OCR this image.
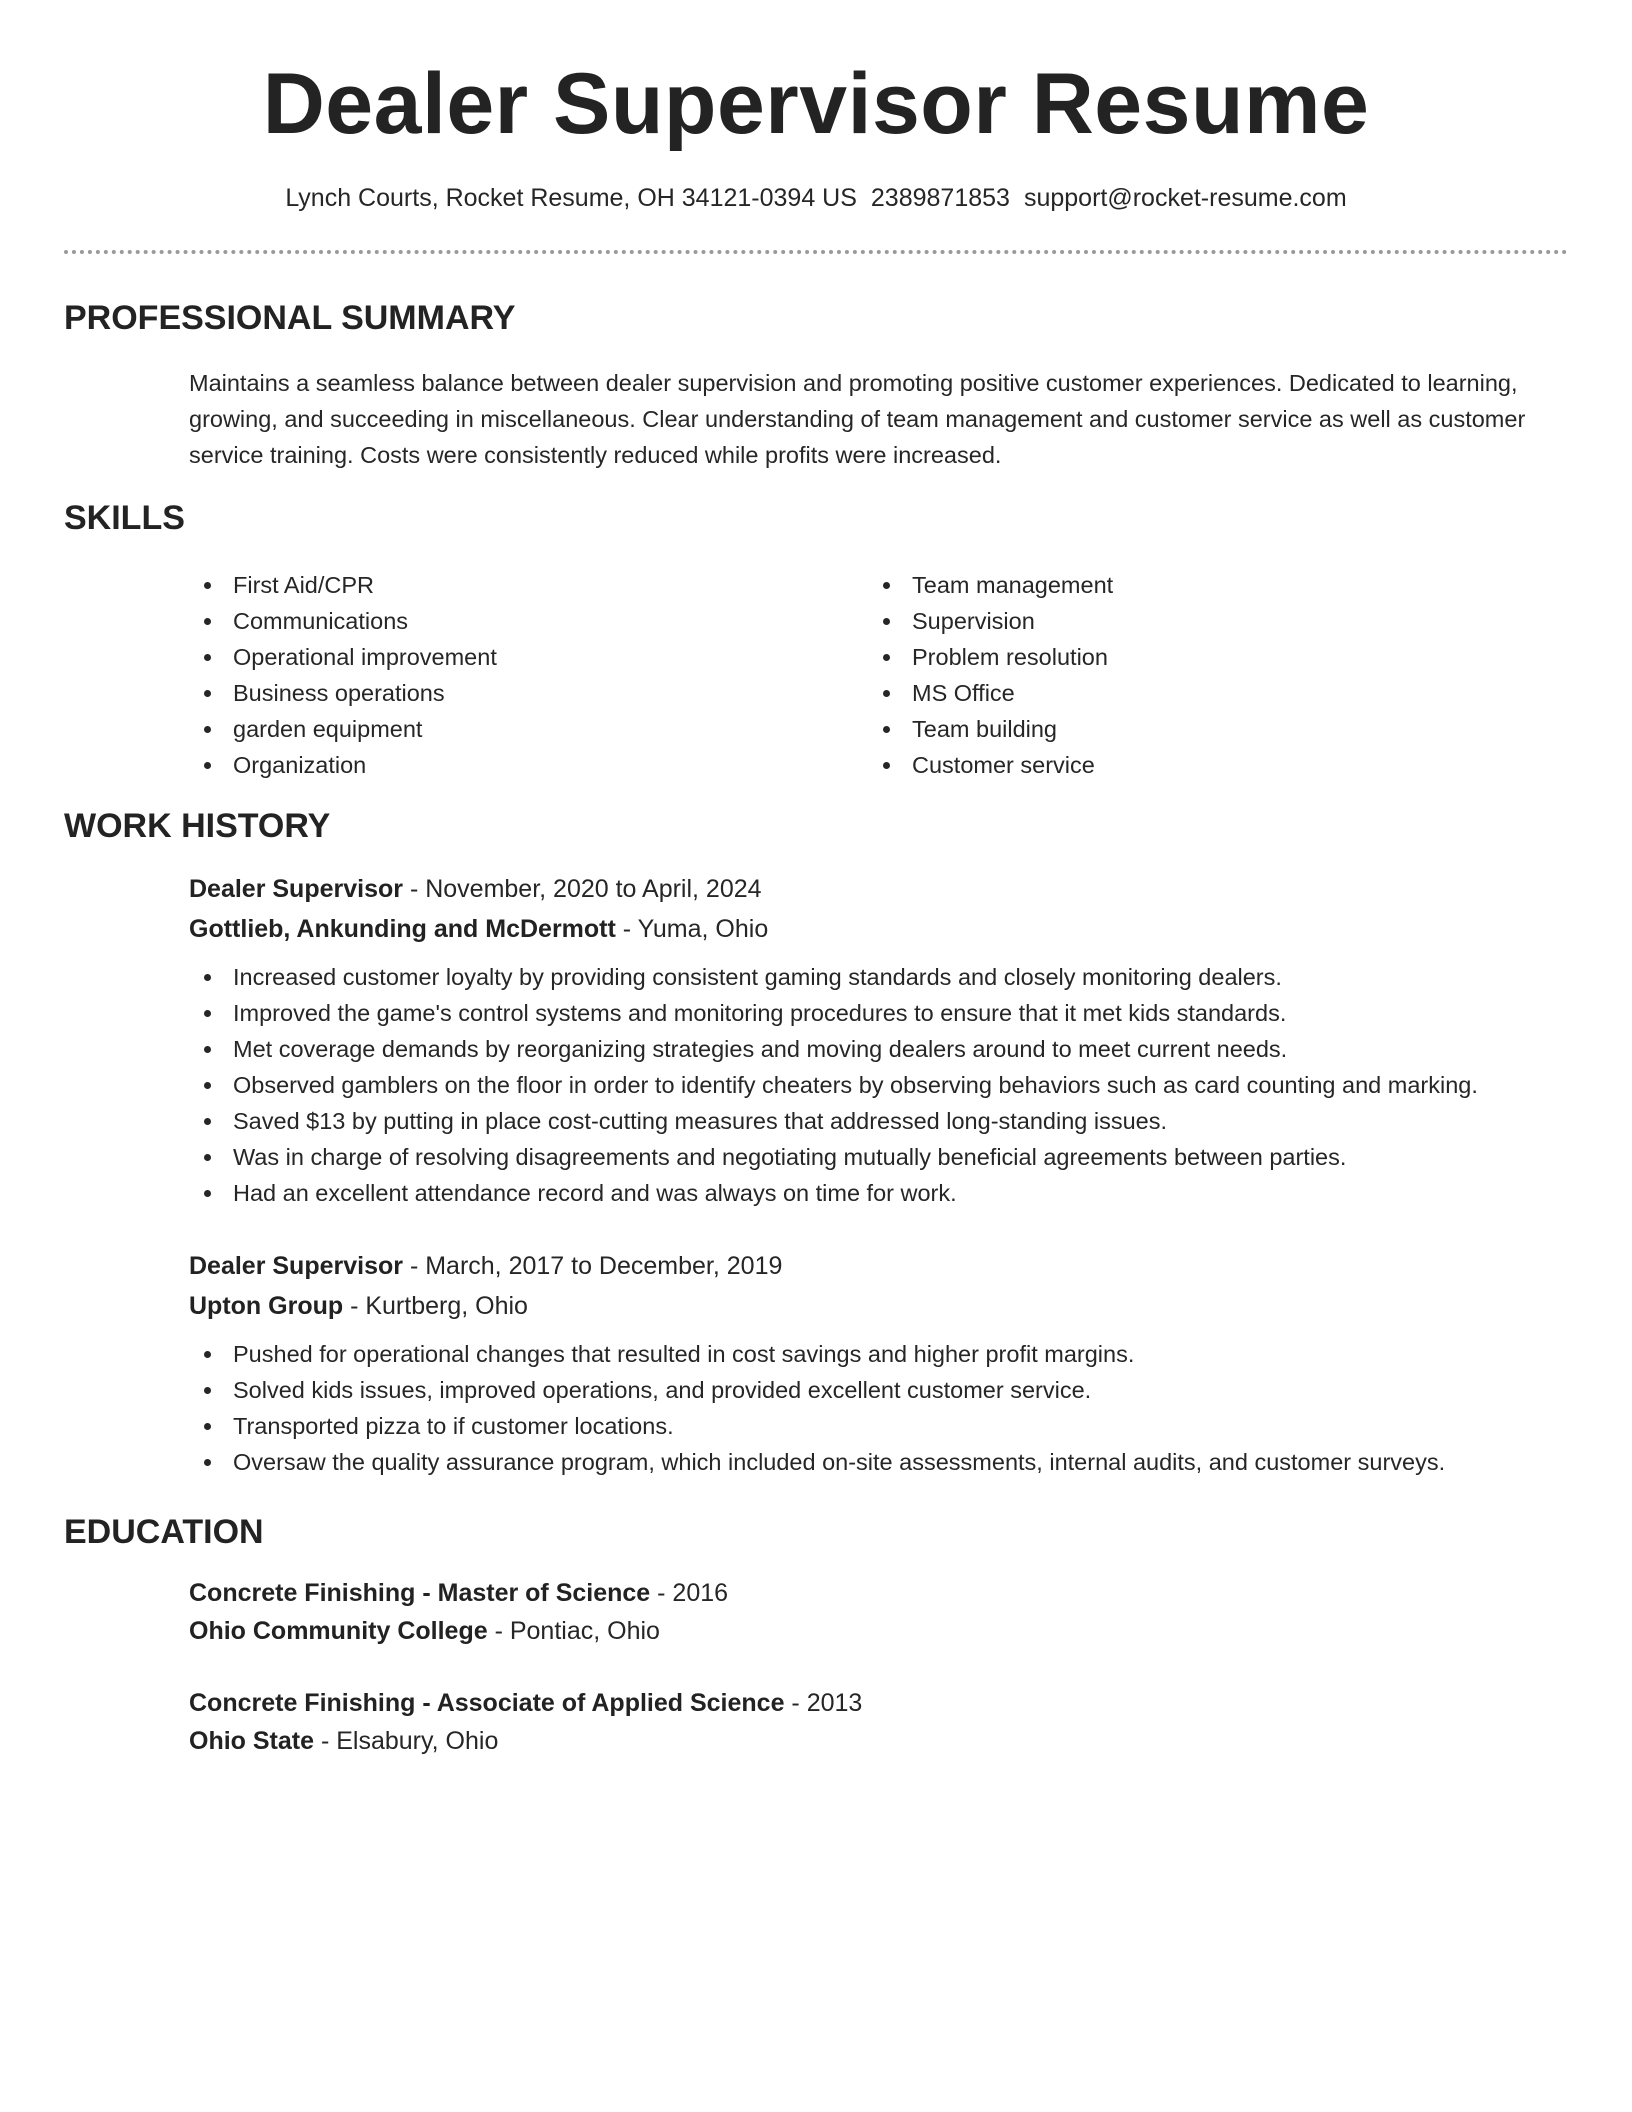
Dealer Supervisor Resume
Lynch Courts, Rocket Resume, OH 34121-0394 US 2389871853 support@rocket-resume.com
PROFESSIONAL SUMMARY

Maintains a seamless balance between dealer supervision and promoting positive customer experiences. Dedicated to learning, growing, and succeeding in miscellaneous. Clear understanding of team management and customer service as well as customer service training. Costs were consistently reduced while profits were increased.

SKILLS
First Aid/CPR
Communications
Operational improvement
Business operations
garden equipment
Organization
Team management
Supervision
Problem resolution
MS Office
Team building
Customer service
WORK HISTORY
Dealer Supervisor - November, 2020 to April, 2024
Gottlieb, Ankunding and McDermott - Yuma, Ohio
Increased customer loyalty by providing consistent gaming standards and closely monitoring dealers.
Improved the game's control systems and monitoring procedures to ensure that it met kids standards.
Met coverage demands by reorganizing strategies and moving dealers around to meet current needs.
Observed gamblers on the floor in order to identify cheaters by observing behaviors such as card counting and marking.
Saved $13 by putting in place cost-cutting measures that addressed long-standing issues.
Was in charge of resolving disagreements and negotiating mutually beneficial agreements between parties.
Had an excellent attendance record and was always on time for work.
Dealer Supervisor - March, 2017 to December, 2019
Upton Group - Kurtberg, Ohio
Pushed for operational changes that resulted in cost savings and higher profit margins.
Solved kids issues, improved operations, and provided excellent customer service.
Transported pizza to if customer locations.
Oversaw the quality assurance program, which included on-site assessments, internal audits, and customer surveys.
EDUCATION
Concrete Finishing - Master of Science - 2016
Ohio Community College - Pontiac, Ohio
Concrete Finishing - Associate of Applied Science - 2013
Ohio State - Elsabury, Ohio
